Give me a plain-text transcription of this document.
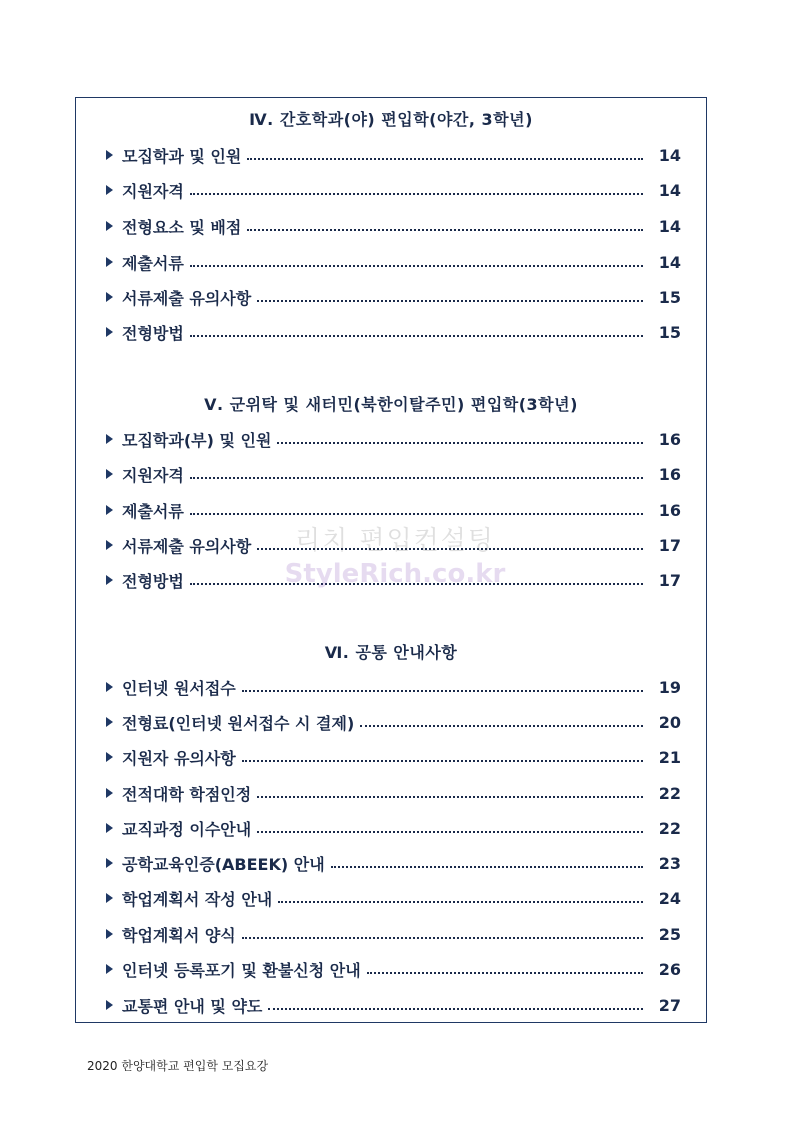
Ⅳ. 간호학과(야) 편입학(야간, 3학년)
모집학과 및 인원	14
지원자격	14
전형요소 및 배점	14
제출서류	14
서류제출 유의사항	15
전형방법	15
Ⅴ. 군위탁 및 새터민(북한이탈주민) 편입학(3학년)
모집학과(부) 및 인원	16
지원자격	16
제출서류	16
서류제출 유의사항	17
전형방법	17
Ⅵ. 공통 안내사항
인터넷 원서접수	19
전형료(인터넷 원서접수 시 결제)	20
지원자 유의사항	21
전적대학 학점인정	22
교직과정 이수안내	22
공학교육인증(ABEEK) 안내	23
학업계획서 작성 안내	24
학업계획서 양식	25
인터넷 등록포기 및 환불신청 안내	26
교통편 안내 및 약도	27
리치 편입컨설팅
StyleRich.co.kr
2020 한양대학교 편입학 모집요강
